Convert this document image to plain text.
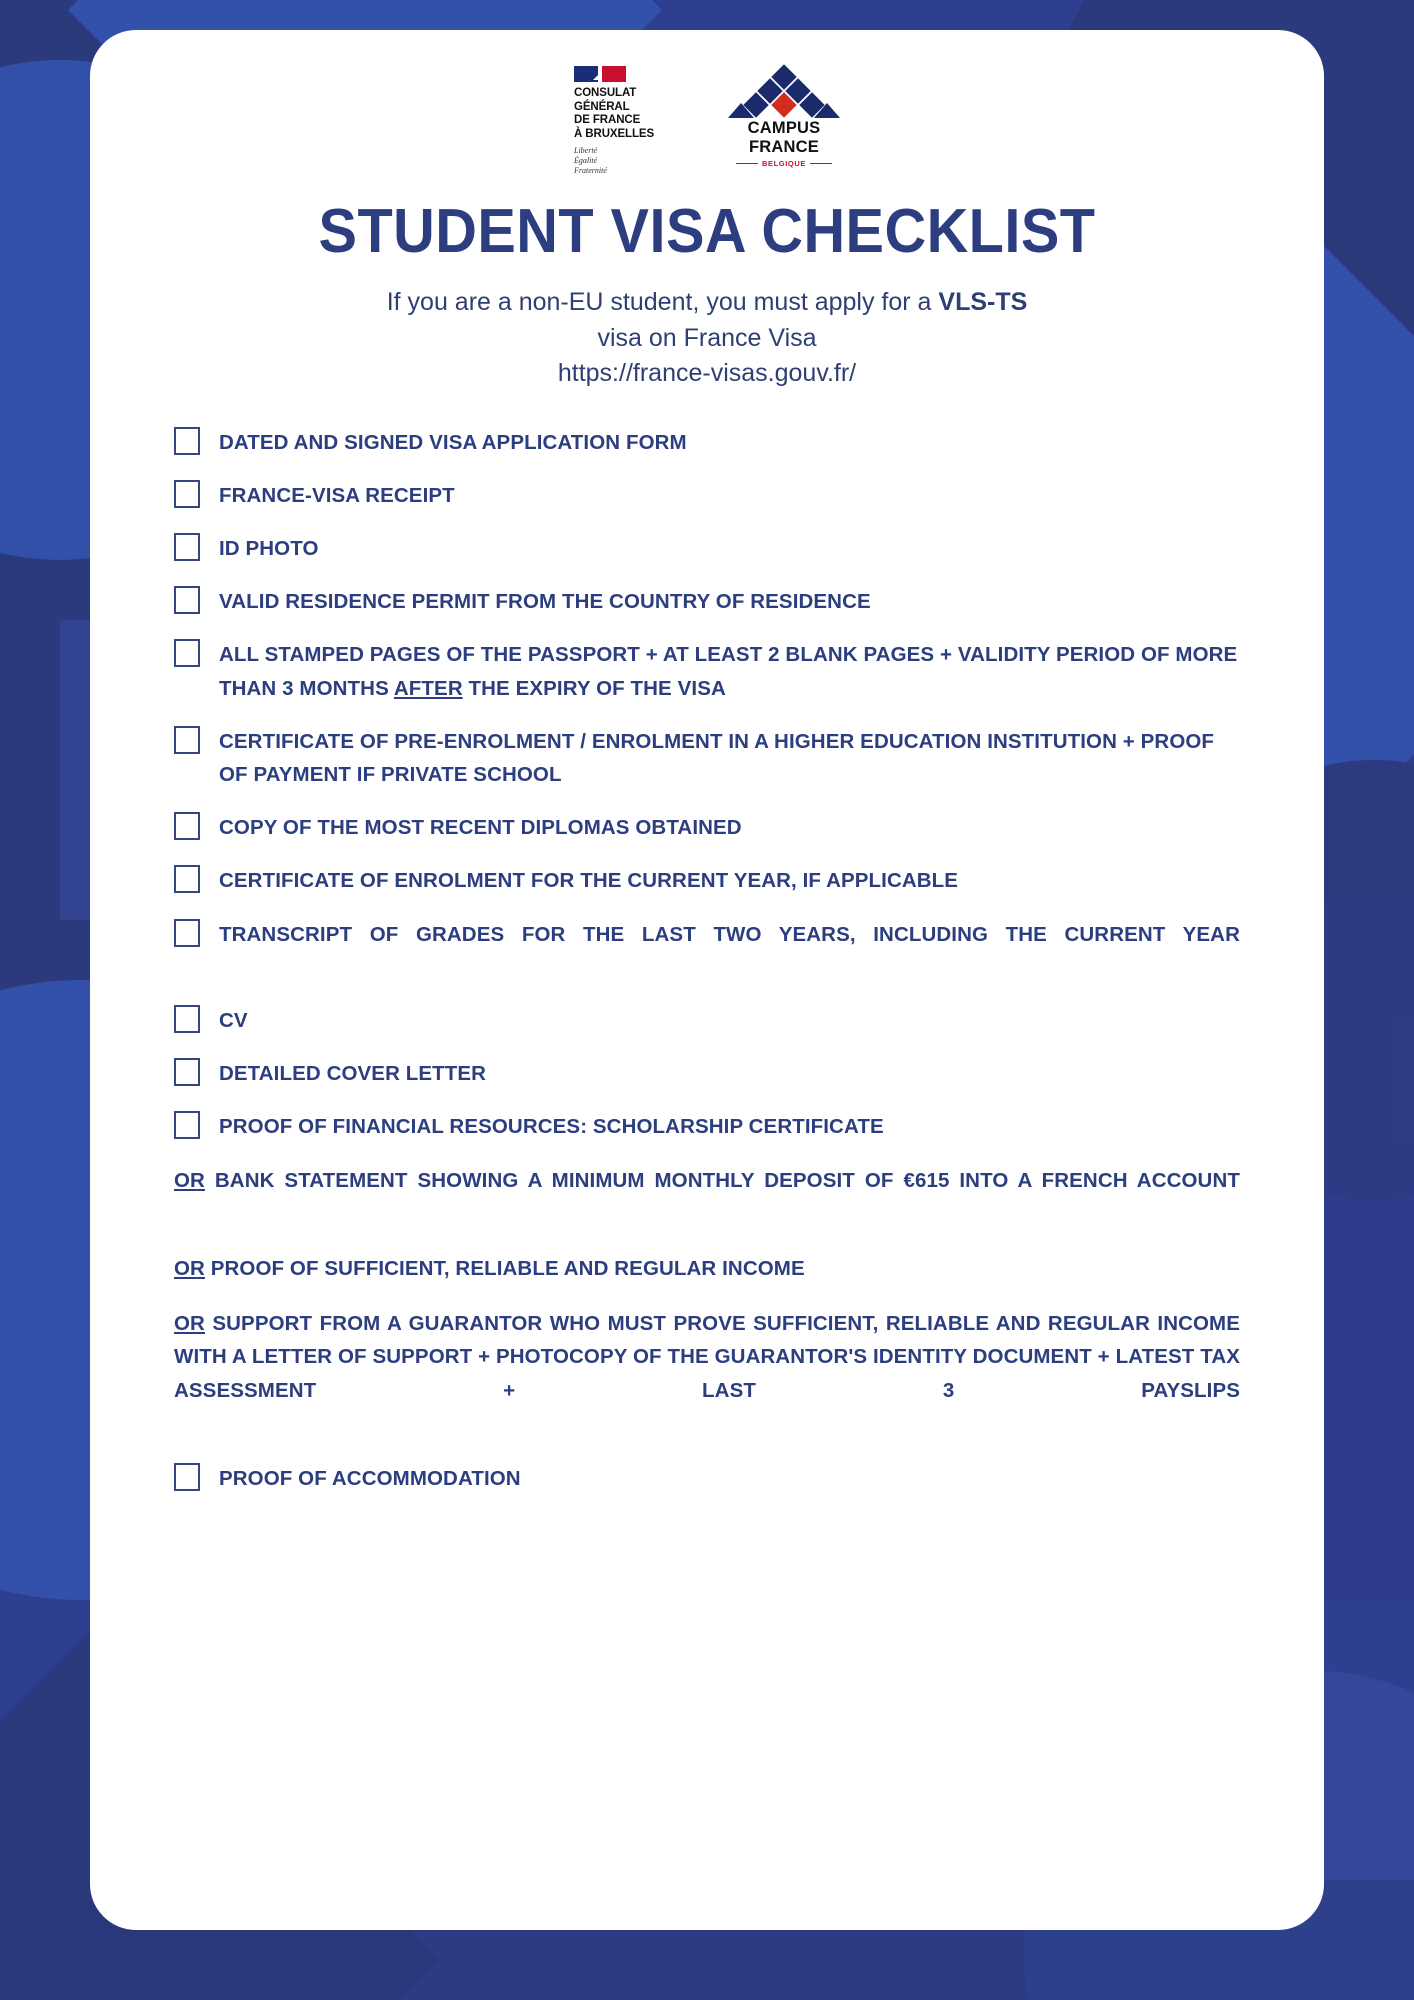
CONSULAT
GÉNÉRAL
DE FRANCE
À BRUXELLES
Liberté
Égalité
Fraternité
CAMPUS
FRANCE
BELGIQUE
STUDENT VISA CHECKLIST
If you are a non-EU student, you must apply for a VLS-TS
visa on France Visa
https://france-visas.gouv.fr/
DATED AND SIGNED VISA APPLICATION FORM
FRANCE-VISA RECEIPT
ID PHOTO
VALID RESIDENCE PERMIT FROM THE COUNTRY OF RESIDENCE
ALL STAMPED PAGES OF THE PASSPORT + AT LEAST 2 BLANK PAGES + VALIDITY PERIOD OF MORE THAN 3 MONTHS AFTER THE EXPIRY OF THE VISA
CERTIFICATE OF PRE-ENROLMENT / ENROLMENT IN A HIGHER EDUCATION INSTITUTION + PROOF OF PAYMENT IF PRIVATE SCHOOL
COPY OF THE MOST RECENT DIPLOMAS OBTAINED
CERTIFICATE OF ENROLMENT FOR THE CURRENT YEAR, IF APPLICABLE
TRANSCRIPT OF GRADES FOR THE LAST TWO YEARS, INCLUDING THE CURRENT YEAR
CV
DETAILED COVER LETTER
PROOF OF FINANCIAL RESOURCES: SCHOLARSHIP CERTIFICATE
OR BANK STATEMENT SHOWING A MINIMUM MONTHLY DEPOSIT OF €615 INTO A FRENCH ACCOUNT
OR PROOF OF SUFFICIENT, RELIABLE AND REGULAR INCOME
OR SUPPORT FROM A GUARANTOR WHO MUST PROVE SUFFICIENT, RELIABLE AND REGULAR INCOME WITH A LETTER OF SUPPORT + PHOTOCOPY OF THE GUARANTOR'S IDENTITY DOCUMENT + LATEST TAX ASSESSMENT + LAST 3 PAYSLIPS
PROOF OF ACCOMMODATION
